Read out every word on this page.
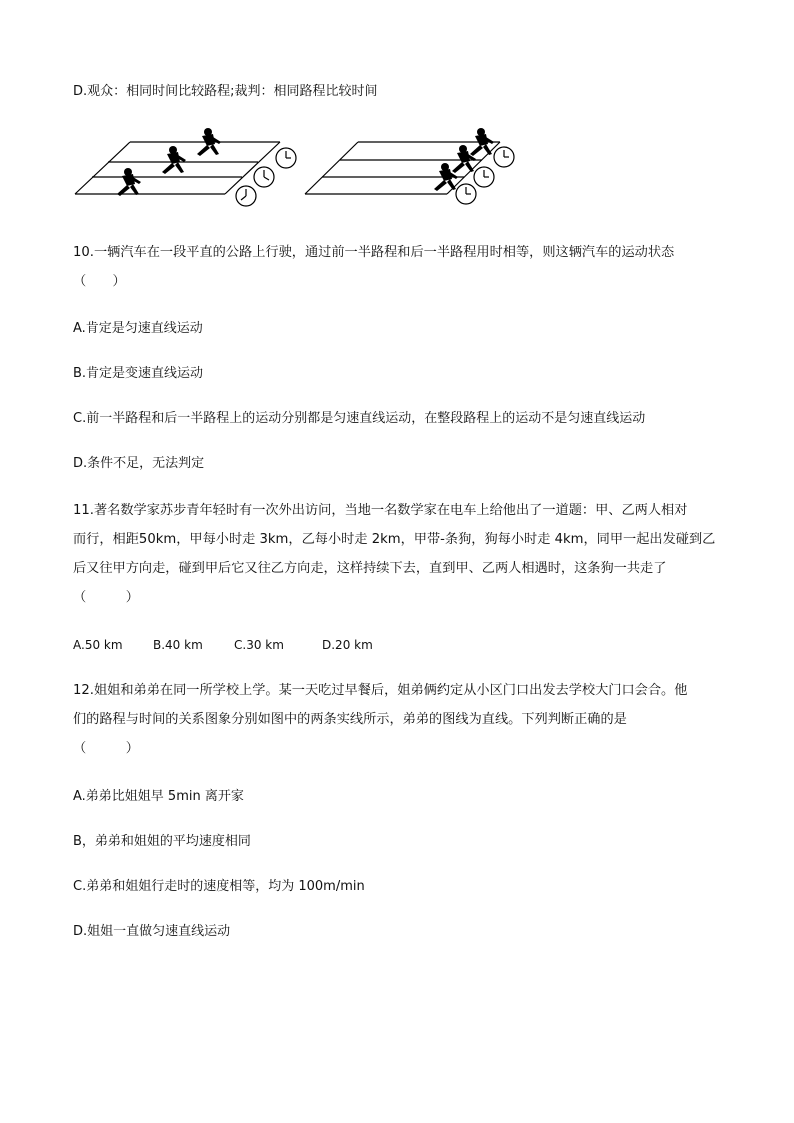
D.观众：相同时间比较路程;裁判：相同路程比较时间
10.一辆汽车在一段平直的公路上行驶，通过前一半路程和后一半路程用时相等，则这辆汽车的运动状态
（　　）
A.肯定是匀速直线运动
B.肯定是变速直线运动
C.前一半路程和后一半路程上的运动分别都是匀速直线运动，在整段路程上的运动不是匀速直线运动
D.条件不足，无法判定
11.著名数学家苏步青年轻时有一次外出访问，当地一名数学家在电车上给他出了一道题：甲、乙两人相对
而行，相距50km，甲每小时走 3km，乙每小时走 2km，甲带-条狗，狗每小时走 4km，同甲一起出发碰到乙
后又往甲方向走，碰到甲后它又往乙方向走，这样持续下去，直到甲、乙两人相遇时，这条狗一共走了
（　　　）
A.50 km	B.40 km	C.30 km	D.20 km
12.姐姐和弟弟在同一所学校上学。某一天吃过早餐后，姐弟俩约定从小区门口出发去学校大门口会合。他
们的路程与时间的关系图象分别如图中的两条实线所示，弟弟的图线为直线。下列判断正确的是
（　　　）
A.弟弟比姐姐早 5min 离开家
B，弟弟和姐姐的平均速度相同
C.弟弟和姐姐行走时的速度相等，均为 100m/min
D.姐姐一直做匀速直线运动
